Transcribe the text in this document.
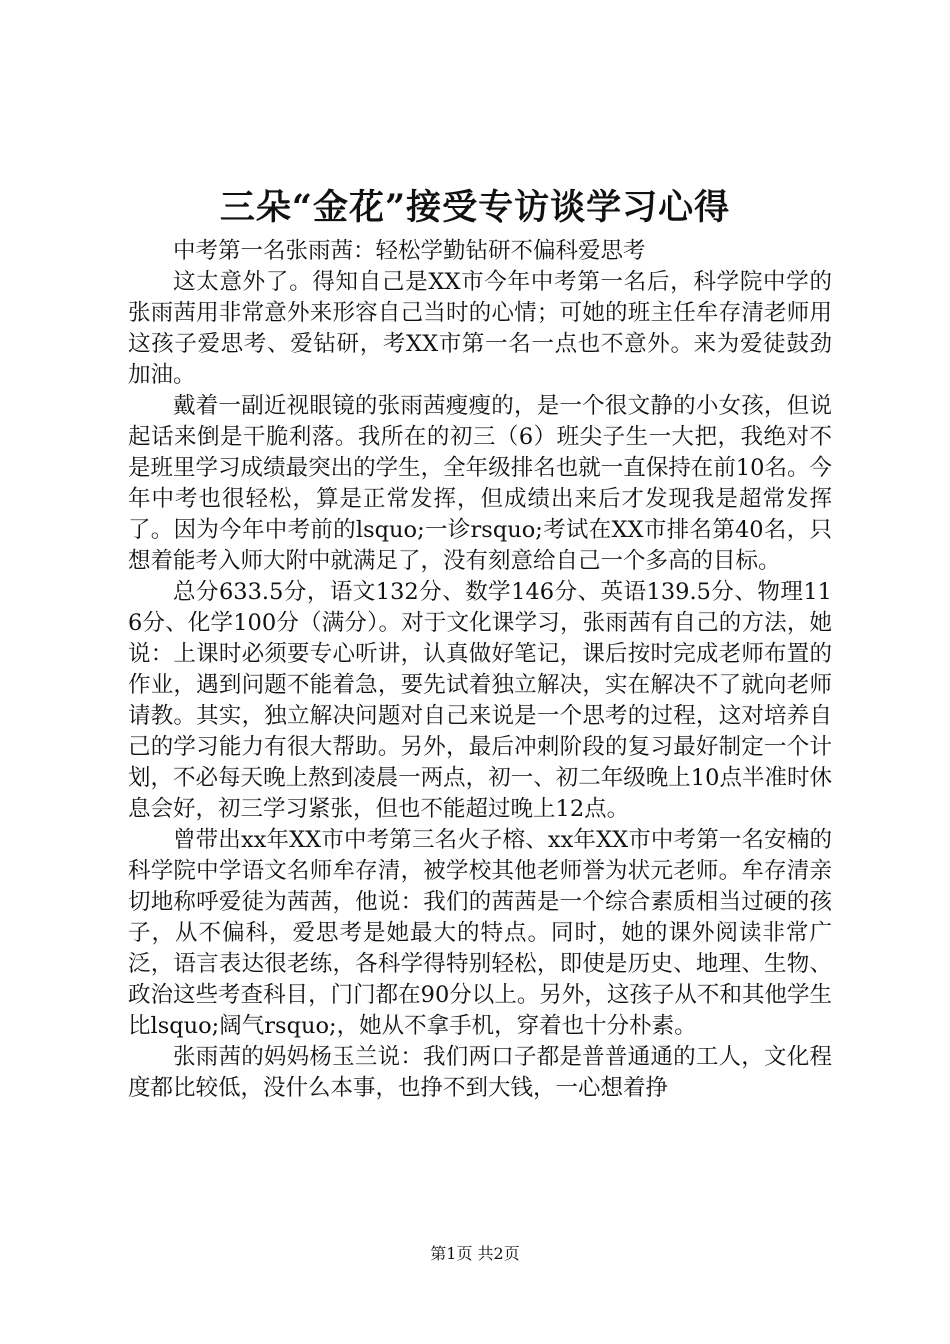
三朵“金花”接受专访谈学习心得

中考第一名张雨茜：轻松学勤钻研不偏科爱思考

这太意外了。得知自己是XX市今年中考第一名后，科学院中学的张雨茜用非常意外来形容自己当时的心情；可她的班主任牟存清老师用这孩子爱思考、爱钻研，考XX市第一名一点也不意外。来为爱徒鼓劲加油。

戴着一副近视眼镜的张雨茜瘦瘦的，是一个很文静的小女孩，但说起话来倒是干脆利落。我所在的初三（6）班尖子生一大把，我绝对不是班里学习成绩最突出的学生，全年级排名也就一直保持在前10名。今年中考也很轻松，算是正常发挥，但成绩出来后才发现我是超常发挥了。因为今年中考前的lsquo;一诊rsquo;考试在XX市排名第40名，只想着能考入师大附中就满足了，没有刻意给自己一个多高的目标。

总分633.5分，语文132分、数学146分、英语139.5分、物理116分、化学100分（满分）。对于文化课学习，张雨茜有自己的方法，她说：上课时必须要专心听讲，认真做好笔记，课后按时完成老师布置的作业，遇到问题不能着急，要先试着独立解决，实在解决不了就向老师请教。其实，独立解决问题对自己来说是一个思考的过程，这对培养自己的学习能力有很大帮助。另外，最后冲刺阶段的复习最好制定一个计划，不必每天晚上熬到凌晨一两点，初一、初二年级晚上10点半准时休息会好，初三学习紧张，但也不能超过晚上12点。

曾带出xx年XX市中考第三名火子榕、xx年XX市中考第一名安楠的科学院中学语文名师牟存清，被学校其他老师誉为状元老师。牟存清亲切地称呼爱徒为茜茜，他说：我们的茜茜是一个综合素质相当过硬的孩子，从不偏科，爱思考是她最大的特点。同时，她的课外阅读非常广泛，语言表达很老练，各科学得特别轻松，即使是历史、地理、生物、政治这些考查科目，门门都在90分以上。另外，这孩子从不和其他学生比lsquo;阔气rsquo;，她从不拿手机，穿着也十分朴素。

张雨茜的妈妈杨玉兰说：我们两口子都是普普通通的工人，文化程度都比较低，没什么本事，也挣不到大钱，一心想着挣

第1页 共2页
